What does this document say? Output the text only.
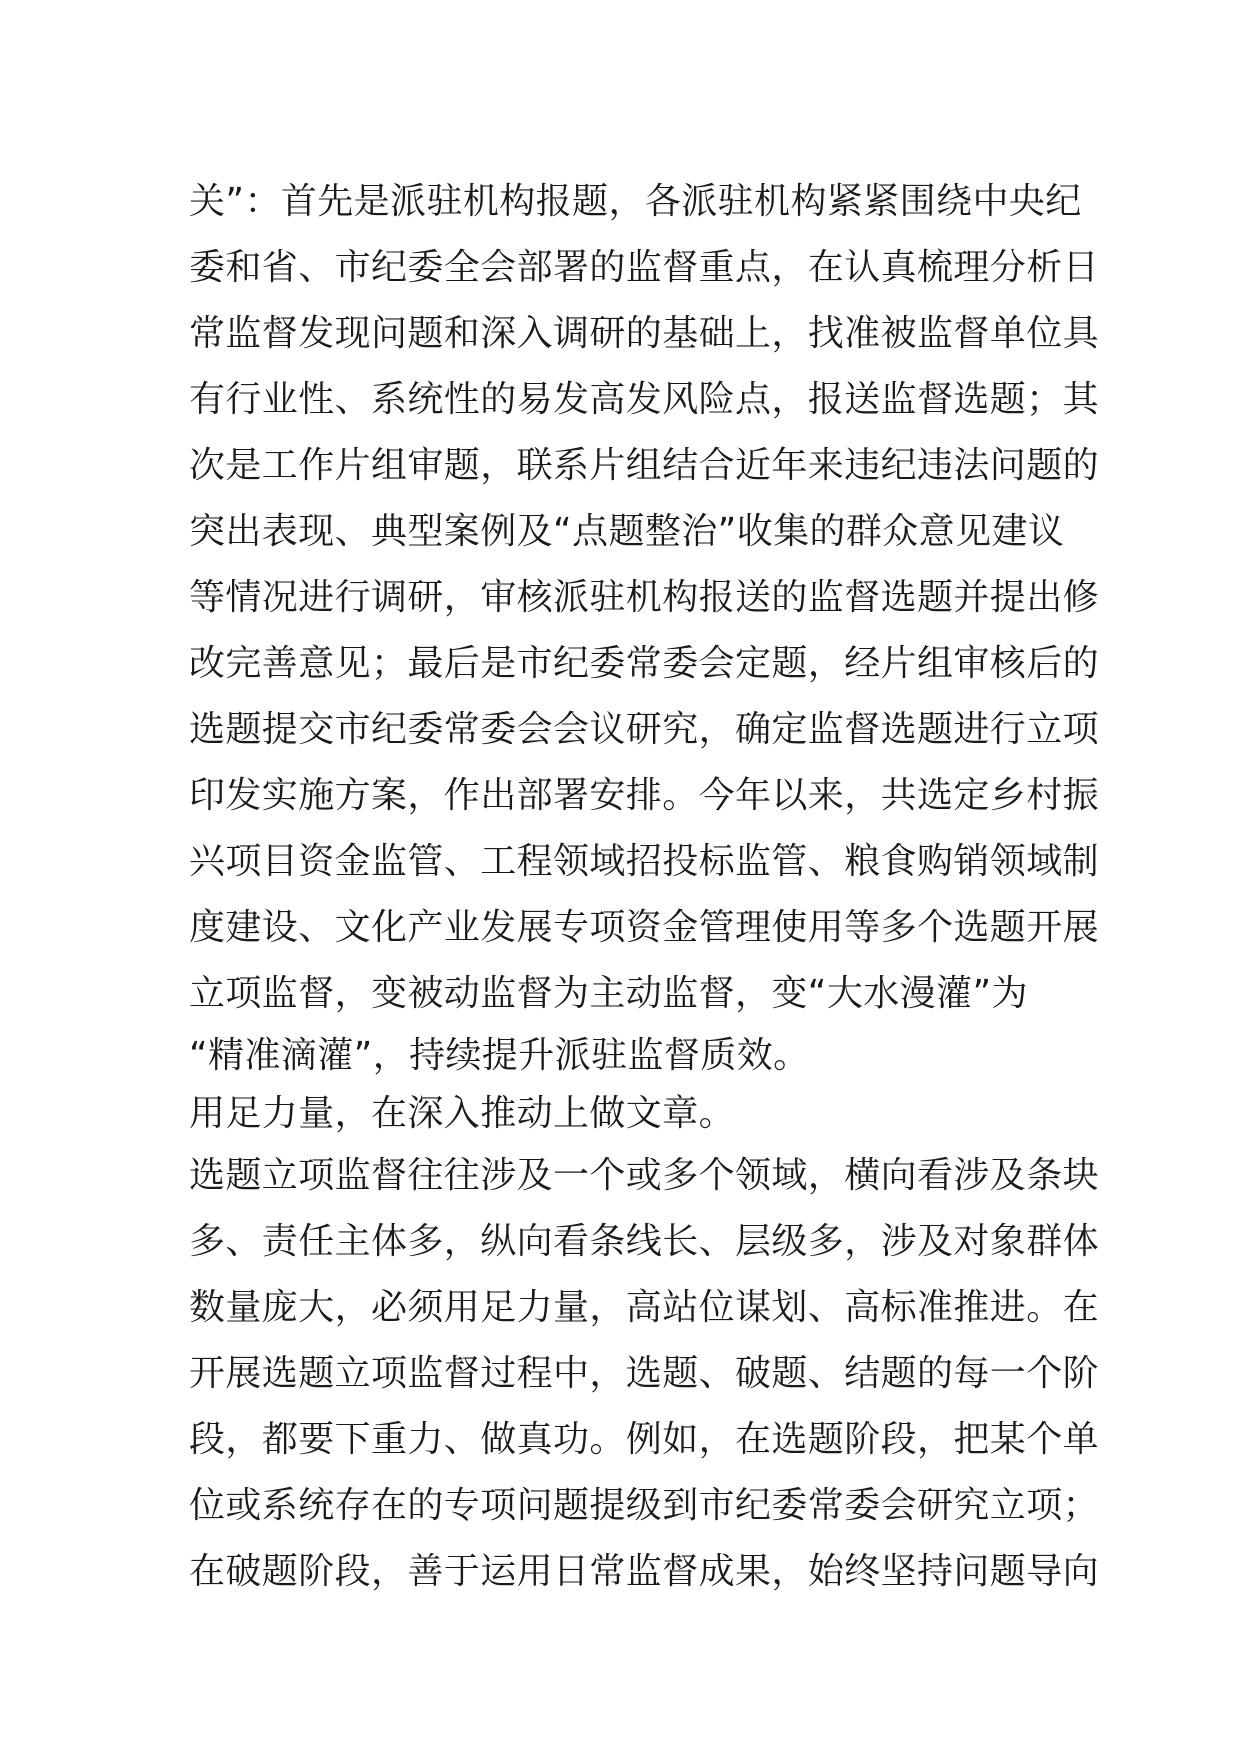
关”：首先是派驻机构报题，各派驻机构紧紧围绕中央纪
委和省、市纪委全会部署的监督重点，在认真梳理分析日
常监督发现问题和深入调研的基础上，找准被监督单位具
有行业性、系统性的易发高发风险点，报送监督选题；其
次是工作片组审题，联系片组结合近年来违纪违法问题的
突出表现、典型案例及“点题整治”收集的群众意见建议
等情况进行调研，审核派驻机构报送的监督选题并提出修
改完善意见；最后是市纪委常委会定题，经片组审核后的
选题提交市纪委常委会会议研究，确定监督选题进行立项
印发实施方案，作出部署安排。今年以来，共选定乡村振
兴项目资金监管、工程领域招投标监管、粮食购销领域制
度建设、文化产业发展专项资金管理使用等多个选题开展
立项监督，变被动监督为主动监督，变“大水漫灌”为
“精准滴灌”，持续提升派驻监督质效。
用足力量，在深入推动上做文章。
选题立项监督往往涉及一个或多个领域，横向看涉及条块
多、责任主体多，纵向看条线长、层级多，涉及对象群体
数量庞大，必须用足力量，高站位谋划、高标准推进。在
开展选题立项监督过程中，选题、破题、结题的每一个阶
段，都要下重力、做真功。例如，在选题阶段，把某个单
位或系统存在的专项问题提级到市纪委常委会研究立项；
在破题阶段，善于运用日常监督成果，始终坚持问题导向
